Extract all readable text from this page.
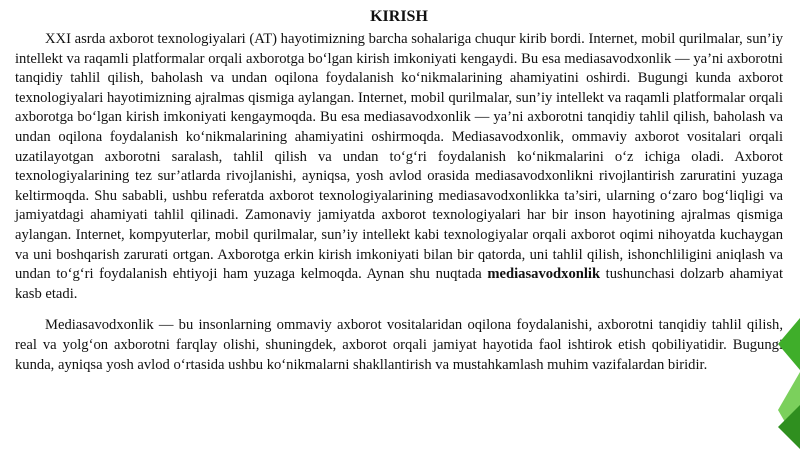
KIRISH

XXI asrda axborot texnologiyalari (AT) hayotimizning barcha sohalariga chuqur kirib bordi. Internet, mobil qurilmalar, sun’iy intellekt va raqamli platformalar orqali axborotga bo‘lgan kirish imkoniyati kengaydi. Bu esa mediasavodxonlik — ya’ni axborotni tanqidiy tahlil qilish, baholash va undan oqilona foydalanish ko‘nikmalarining ahamiyatini oshirdi. Bugungi kunda axborot texnologiyalari hayotimizning ajralmas qismiga aylangan. Internet, mobil qurilmalar, sun’iy intellekt va raqamli platformalar orqali axborotga bo‘lgan kirish imkoniyati kengaymoqda. Bu esa mediasavodxonlik — ya’ni axborotni tanqidiy tahlil qilish, baholash va undan oqilona foydalanish ko‘nikmalarining ahamiyatini oshirmoqda. Mediasavodxonlik, ommaviy axborot vositalari orqali uzatilayotgan axborotni saralash, tahlil qilish va undan to‘g‘ri foydalanish ko‘nikmalarini o‘z ichiga oladi. Axborot texnologiyalarining tez sur’atlarda rivojlanishi, ayniqsa, yosh avlod orasida mediasavodxonlikni rivojlantirish zaruratini yuzaga keltirmoqda. Shu sababli, ushbu referatda axborot texnologiyalarining mediasavodxonlikka ta’siri, ularning o‘zaro bog‘liqligi va jamiyatdagi ahamiyati tahlil qilinadi. Zamonaviy jamiyatda axborot texnologiyalari har bir inson hayotining ajralmas qismiga aylangan. Internet, kompyuterlar, mobil qurilmalar, sun’iy intellekt kabi texnologiyalar orqali axborot oqimi nihoyatda kuchaygan va uni boshqarish zarurati ortgan. Axborotga erkin kirish imkoniyati bilan bir qatorda, uni tahlil qilish, ishonchliligini aniqlash va undan to‘g‘ri foydalanish ehtiyoji ham yuzaga kelmoqda. Aynan shu nuqtada mediasavodxonlik tushunchasi dolzarb ahamiyat kasb etadi.

Mediasavodxonlik — bu insonlarning ommaviy axborot vositalaridan oqilona foydalanishi, axborotni tanqidiy tahlil qilish, real va yolg‘on axborotni farqlay olishi, shuningdek, axborot orqali jamiyat hayotida faol ishtirok etish qobiliyatidir. Bugungi kunda, ayniqsa yosh avlod o‘rtasida ushbu ko‘nikmalarni shakllantirish va mustahkamlash muhim vazifalardan biridir.
